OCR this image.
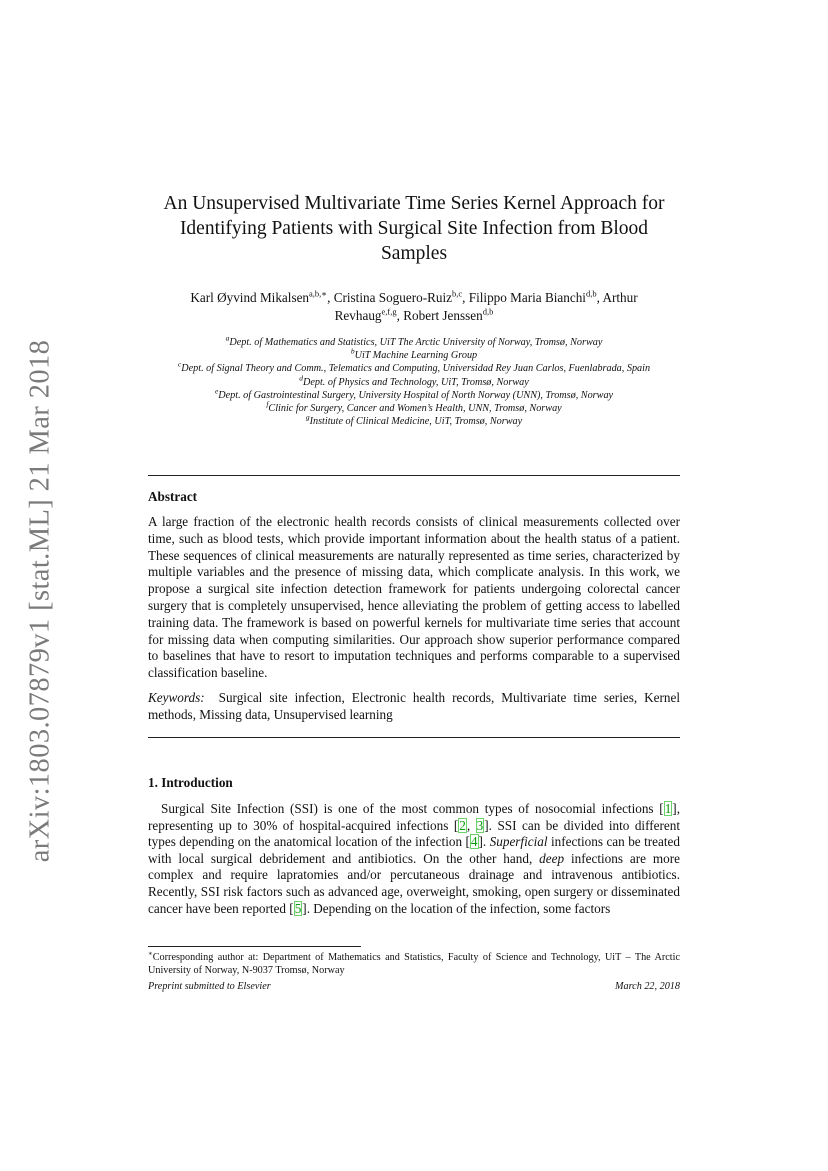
arXiv:1803.07879v1 [stat.ML] 21 Mar 2018
An Unsupervised Multivariate Time Series Kernel Approach for
Identifying Patients with Surgical Site Infection from Blood
Samples

Karl Øyvind Mikalsen$^{a,b,∗}$, Cristina Soguero-Ruiz$^{b,c}$, Filippo Maria Bianchi$^{d,b}$, Arthur Revhaug$^{e,f,g}$, Robert Jenssen$^{d,b}$

$^a$Dept. of Mathematics and Statistics, UiT The Arctic University of Norway, Tromsø, Norway
$^b$UiT Machine Learning Group
$^c$Dept. of Signal Theory and Comm., Telematics and Computing, Universidad Rey Juan Carlos, Fuenlabrada, Spain
$^d$Dept. of Physics and Technology, UiT, Tromsø, Norway
$^e$Dept. of Gastrointestinal Surgery, University Hospital of North Norway (UNN), Tromsø, Norway
$^f$Clinic for Surgery, Cancer and Women’s Health, UNN, Tromsø, Norway
$^g$Institute of Clinical Medicine, UiT, Tromsø, Norway
Abstract

A large fraction of the electronic health records consists of clinical measurements collected over time, such as blood tests, which provide important information about the health status of a patient. These sequences of clinical measurements are naturally represented as time series, characterized by multiple variables and the presence of missing data, which complicate analysis. In this work, we propose a surgical site infection detection framework for patients undergoing colorectal cancer surgery that is completely unsupervised, hence alleviating the problem of getting access to labelled training data. The framework is based on powerful kernels for multivariate time series that account for missing data when computing similarities. Our approach show superior performance compared to baselines that have to resort to imputation techniques and performs comparable to a supervised classification baseline.

Keywords: Surgical site infection, Electronic health records, Multivariate time series, Kernel methods, Missing data, Unsupervised learning

1. Introduction

Surgical Site Infection (SSI) is one of the most common types of nosocomial infections [1], representing up to 30% of hospital-acquired infections [2, 3]. SSI can be divided into different types depending on the anatomical location of the infection [4]. Superficial infections can be treated with local surgical debridement and antibiotics. On the other hand, deep infections are more complex and require lapratomies and/or percutaneous drainage and intravenous antibiotics. Recently, SSI risk factors such as advanced age, overweight, smoking, open surgery or disseminated cancer have been reported [5]. Depending on the location of the infection, some factors

∗Corresponding author at: Department of Mathematics and Statistics, Faculty of Science and Technology, UiT – The Arctic University of Norway, N-9037 Tromsø, Norway

Preprint submitted to Elsevier	March 22, 2018
